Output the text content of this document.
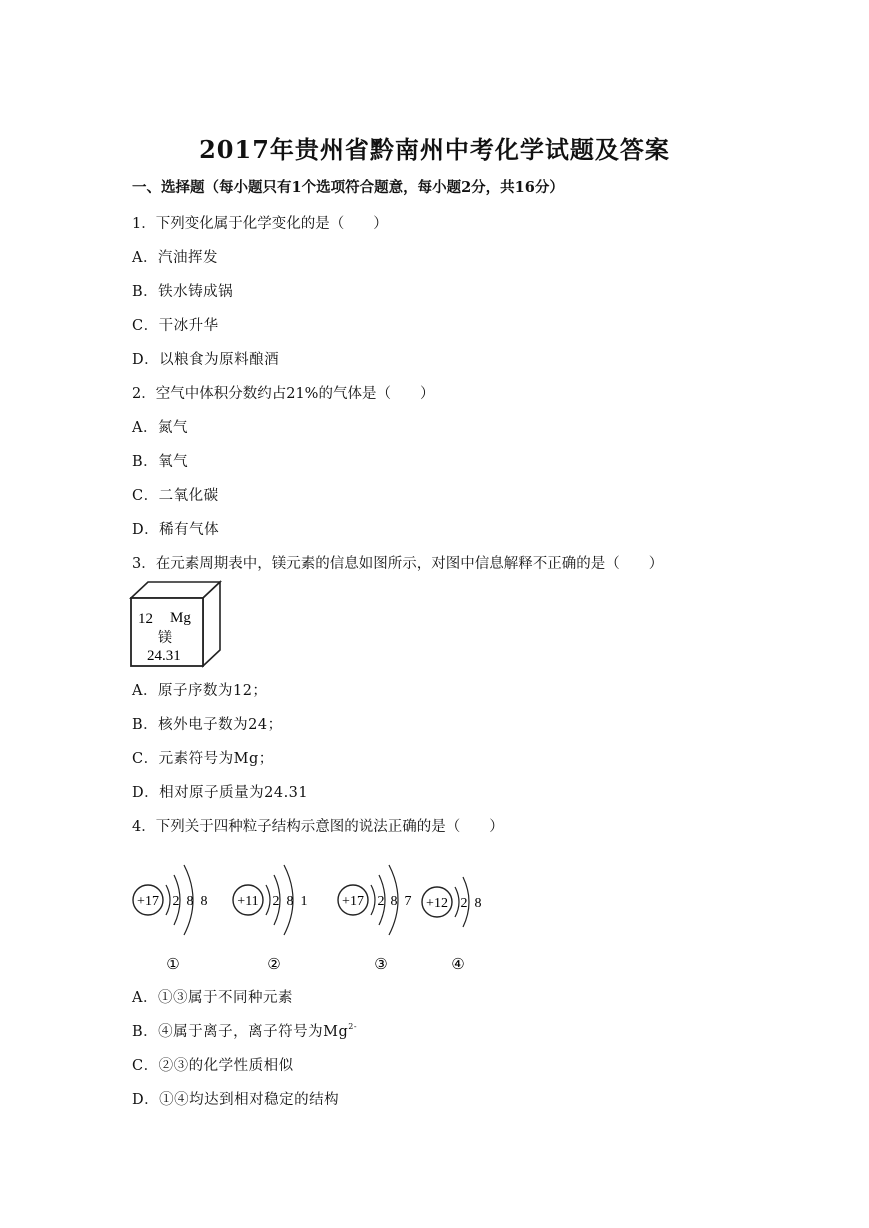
2017年贵州省黔南州中考化学试题及答案
一、选择题（每小题只有1个选项符合题意，每小题2分，共16分）
1．下列变化属于化学变化的是（　　）
A．汽油挥发
B．铁水铸成锅
C．干冰升华
D．以粮食为原料酿酒
2．空气中体积分数约占21%的气体是（　　）
A．氮气
B．氧气
C．二氧化碳
D．稀有气体
3．在元素周期表中，镁元素的信息如图所示，对图中信息解释不正确的是（　　）
12 Mg
镁
24.31
A．原子序数为12；
B．核外电子数为24；
C．元素符号为Mg；
D．相对原子质量为24.31
4．下列关于四种粒子结构示意图的说法正确的是（　　）
+17 2 8 8
①
+11 2 8 1
②
+17 2 8 7
③
+12 2 8
④
A．①③属于不同种元素
B．④属于离子，离子符号为$Mg^{2-}$
C．②③的化学性质相似
D．①④均达到相对稳定的结构
